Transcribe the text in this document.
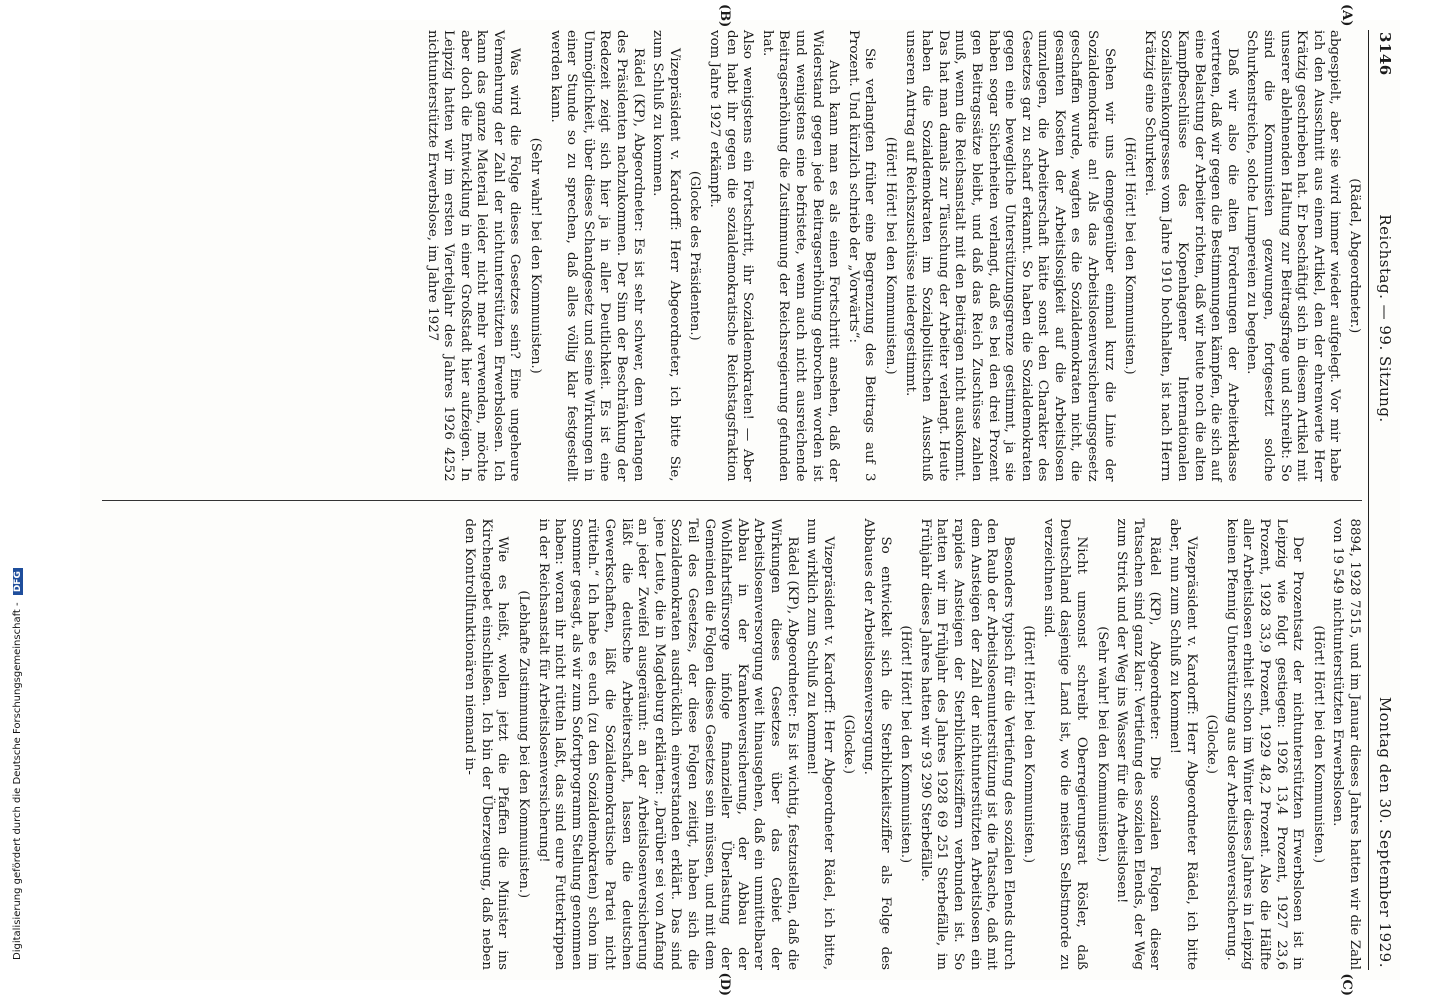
3146
Reichstag. — 99. Sitzung.
Montag den 30. September 1929.
(A)
(B)

(Rädel, Abgeordneter.)

abgespielt, aber sie wird immer wieder aufgelegt. Vor mir habe ich den Ausschnitt aus einem Artikel, den der ehrenwerte Herr Krätzig geschrieben hat. Er beschäftigt sich in diesem Artikel mit unserer ablehnenden Haltung zur Beitragsfrage und schreibt: So sind die Kommunisten gezwungen, fortgesetzt solche Schurkenstreiche, solche Lumpereien zu begehen.

Daß wir also die alten Forderungen der Arbeiterklasse vertreten, daß wir gegen die Bestimmungen kämpfen, die sich auf eine Belastung der Arbeiter richten, daß wir heute noch die alten Kampfbeschlüsse des Kopenhagener Internationalen Sozialistenkongresses vom Jahre 1910 hochhalten, ist nach Herrn Krätzig eine Schurkerei.

(Hört! Hört! bei den Kommunisten.)

Sehen wir uns demgegenüber einmal kurz die Linie der Sozialdemokratie an! Als das Arbeitslosenversicherungsgesetz geschaffen wurde, wagten es die Sozialdemokraten nicht, die gesamten Kosten der Arbeitslosigkeit auf die Arbeitslosen umzulegen, die Arbeiterschaft hätte sonst den Charakter des Gesetzes gar zu scharf erkannt. So haben die Sozialdemokraten gegen eine bewegliche Unterstützungsgrenze gestimmt, ja sie haben sogar Sicherheiten verlangt, daß es bei den drei Prozent gen Beitragssätze bleibt, und daß das Reich Zuschüsse zahlen muß, wenn die Reichsanstalt mit den Beiträgen nicht auskommt. Das hat man damals zur Täuschung der Arbeiter verlangt. Heute haben die Sozialdemokraten im Sozialpolitischen Ausschuß unseren Antrag auf Reichszuschüsse niedergestimmt.

(Hört! Hört! bei den Kommunisten.)

Sie verlangten früher eine Begrenzung des Beitrags auf 3 Prozent. Und kürzlich schrieb der „Vorwärts“:

Auch kann man es als einen Fortschritt ansehen, daß der Widerstand gegen jede Beitragserhöhung gebrochen worden ist und wenigstens eine befristete, wenn auch nicht ausreichende Beitragserhöhung die Zustimmung der Reichsregierung gefunden hat.

Also wenigstens ein Fortschritt, ihr Sozialdemokraten! — Aber den habt ihr gegen die sozialdemokratische Reichstagsfraktion vom Jahre 1927 erkämpft.

(Glocke des Präsidenten.)

Vizepräsident v. Kardorff: Herr Abgeordneter, ich bitte Sie, zum Schluß zu kommen.

Rädel (KP), Abgeordneter: Es ist sehr schwer, dem Verlangen des Präsidenten nachzukommen. Der Sinn der Beschränkung der Redezeit zeigt sich hier ja in aller Deutlichkeit. Es ist eine Unmöglichkeit, über dieses Schandgesetz und seine Wirkungen in einer Stunde so zu sprechen, daß alles völlig klar festgestellt werden kann.

(Sehr wahr! bei den Kommunisten.)

Was wird die Folge dieses Gesetzes sein? Eine ungeheure Vermehrung der Zahl der nichtunterstützten Erwerbslosen. Ich kann das ganze Material leider nicht mehr verwenden, möchte aber doch die Entwicklung in einer Großstadt hier aufzeigen. In Leipzig hatten wir im ersten Vierteljahr des Jahres 1926 4252 nichtunterstützte Erwerbslose, im Jahre 1927

(C)
(D)

8894, 1928 7515, und im Januar dieses Jahres hatten wir die Zahl von 19 549 nichtunterstützten Erwerbslosen.

(Hört! Hört! bei den Kommunisten.)

Der Prozentsatz der nichtunterstützten Erwerbslosen ist in Leipzig wie folgt gestiegen: 1926 13,4 Prozent, 1927 23,6 Prozent, 1928 33,9 Prozent, 1929 48,2 Prozent. Also die Hälfte aller Arbeitslosen erhielt schon im Winter dieses Jahres in Leipzig keinen Pfennig Unterstützung aus der Arbeitslosenversicherung.

(Glocke.)

Vizepräsident v. Kardorff: Herr Abgeordneter Rädel, ich bitte aber, nun zum Schluß zu kommen!

Rädel (KP), Abgeordneter: Die sozialen Folgen dieser Tatsachen sind ganz klar: Vertiefung des sozialen Elends, der Weg zum Strick und der Weg ins Wasser für die Arbeitslosen!

(Sehr wahr! bei den Kommunisten.)

Nicht umsonst schreibt Oberregierungsrat Rösler, daß Deutschland dasjenige Land ist, wo die meisten Selbstmorde zu verzeichnen sind.

(Hört! Hört! bei den Kommunisten.)

Besonders typisch für die Vertiefung des sozialen Elends durch den Raub der Arbeitslosenunterstützung ist die Tatsache, daß mit dem Ansteigen der Zahl der nichtunterstützten Arbeitslosen ein rapides Ansteigen der Sterblichkeitsziffern verbunden ist. So hatten wir im Frühjahr des Jahres 1928 69 251 Sterbefälle, im Frühjahr dieses Jahres hatten wir 93 290 Sterbefälle.

(Hört! Hört! bei den Kommunisten.)

So entwickelt sich die Sterblichkeitsziffer als Folge des Abbaues der Arbeitslosenversorgung.

(Glocke.)

Vizepräsident v. Kardorff: Herr Abgeordneter Rädel, ich bitte, nun wirklich zum Schluß zu kommen!

Rädel (KP), Abgeordneter: Es ist wichtig, festzustellen, daß die Wirkungen dieses Gesetzes über das Gebiet der Arbeitslosenversorgung weit hinausgehen, daß ein unmittelbarer Abbau in der Krankenversicherung, der Abbau der Wohlfahrtsfürsorge infolge finanzieller Überlastung der Gemeinden die Folgen dieses Gesetzes sein müssen, und mit dem Teil des Gesetzes, der diese Folgen zeitigt, haben sich die Sozialdemokraten ausdrücklich einverstanden erklärt. Das sind jene Leute, die in Magdeburg erklärten: „Darüber sei von Anfang an jeder Zweifel ausgeräumt: an der Arbeitslosenversicherung läßt die deutsche Arbeiterschaft, lassen die deutschen Gewerkschaften, läßt die Sozialdemokratische Partei nicht rütteln.“ Ich habe es euch (zu den Sozialdemokraten) schon im Sommer gesagt, als wir zum Sofortprogramm Stellung genommen haben: woran ihr nicht rütteln laßt, das sind eure Futterkrippen in der Reichsanstalt für Arbeitslosenversicherung!

(Lebhafte Zustimmung bei den Kommunisten.)

Wie es heißt, wollen jetzt die Pfaffen die Minister ins Kirchengebet einschließen. Ich bin der Überzeugung, daß neben den Kontrollfunktionären niemand in-

Digitalisierung gefördert durch die Deutsche Forschungsgemeinschaft - DFG
